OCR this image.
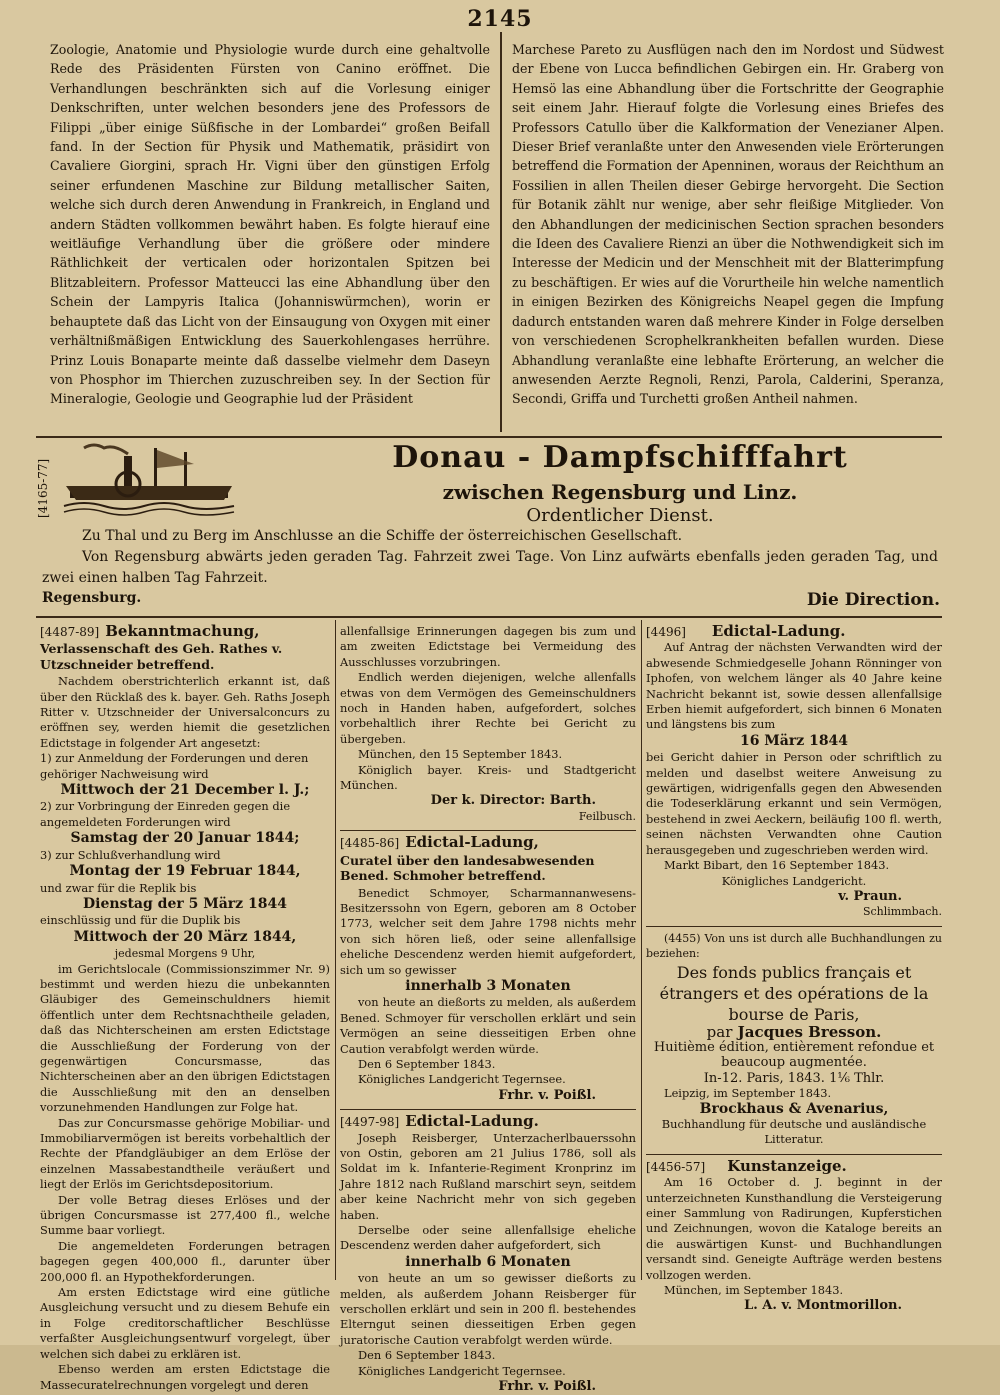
2145

Zoologie, Anatomie und Physiologie wurde durch eine gehaltvolle Rede des Präsidenten Fürsten von Canino eröffnet. Die Verhandlungen beschränkten sich auf die Vorlesung einiger Denkschriften, unter welchen besonders jene des Professors de Filippi „über einige Süßfische in der Lombardei“ großen Beifall fand. In der Section für Physik und Mathematik, präsidirt von Cavaliere Giorgini, sprach Hr. Vigni über den günstigen Erfolg seiner erfundenen Maschine zur Bildung metallischer Saiten, welche sich durch deren Anwendung in Frankreich, in England und andern Städten vollkommen bewährt haben. Es folgte hierauf eine weitläufige Verhandlung über die größere oder mindere Räthlichkeit der verticalen oder horizontalen Spitzen bei Blitzableitern. Professor Matteucci las eine Abhandlung über den Schein der Lampyris Italica (Johanniswürmchen), worin er behauptete daß das Licht von der Einsaugung von Oxygen mit einer verhältnißmäßigen Entwicklung des Sauerkohlengases herrühre. Prinz Louis Bonaparte meinte daß dasselbe vielmehr dem Daseyn von Phosphor im Thierchen zuzuschreiben sey. In der Section für Mineralogie, Geologie und Geographie lud der Präsident

Marchese Pareto zu Ausflügen nach den im Nordost und Südwest der Ebene von Lucca befindlichen Gebirgen ein. Hr. Graberg von Hemsö las eine Abhandlung über die Fortschritte der Geographie seit einem Jahr. Hierauf folgte die Vorlesung eines Briefes des Professors Catullo über die Kalkformation der Venezianer Alpen. Dieser Brief veranlaßte unter den Anwesenden viele Erörterungen betreffend die Formation der Apenninen, woraus der Reichthum an Fossilien in allen Theilen dieser Gebirge hervorgeht. Die Section für Botanik zählt nur wenige, aber sehr fleißige Mitglieder. Von den Abhandlungen der medicinischen Section sprachen besonders die Ideen des Cavaliere Rienzi an über die Nothwendigkeit sich im Interesse der Medicin und der Menschheit mit der Blatterimpfung zu beschäftigen. Er wies auf die Vorurtheile hin welche namentlich in einigen Bezirken des Königreichs Neapel gegen die Impfung dadurch entstanden waren daß mehrere Kinder in Folge derselben von verschiedenen Scrophelkrankheiten befallen wurden. Diese Abhandlung veranlaßte eine lebhafte Erörterung, an welcher die anwesenden Aerzte Regnoli, Renzi, Parola, Calderini, Speranza, Secondi, Griffa und Turchetti großen Antheil nahmen.

[4165-77]
Donau - Dampfschifffahrt
zwischen Regensburg und Linz.
Ordentlicher Dienst.

Zu Thal und zu Berg im Anschlusse an die Schiffe der österreichischen Gesellschaft.

Von Regensburg abwärts jeden geraden Tag. Fahrzeit zwei Tage. Von Linz aufwärts ebenfalls jeden geraden Tag, und zwei einen halben Tag Fahrzeit.

Regensburg.	Die Direction.
[4487-89] Bekanntmachung,
Verlassenschaft des Geh. Rathes v. Utzschneider betreffend.
Nachdem oberstrichterlich erkannt ist, daß über den Rücklaß des k. bayer. Geh. Raths Joseph Ritter v. Utzschneider der Universalconcurs zu eröffnen sey, werden hiemit die gesetzlichen Edictstage in folgender Art angesetzt:
1) zur Anmeldung der Forderungen und deren gehöriger Nachweisung wird
Mittwoch der 21 December l. J.;
2) zur Vorbringung der Einreden gegen die angemeldeten Forderungen wird
Samstag der 20 Januar 1844;
3) zur Schlußverhandlung wird
Montag der 19 Februar 1844,
und zwar für die Replik bis
Dienstag der 5 März 1844
einschlüssig und für die Duplik bis
Mittwoch der 20 März 1844,
jedesmal Morgens 9 Uhr,
im Gerichtslocale (Commissionszimmer Nr. 9) bestimmt und werden hiezu die unbekannten Gläubiger des Gemeinschuldners hiemit öffentlich unter dem Rechtsnachtheile geladen, daß das Nichterscheinen am ersten Edictstage die Ausschließung der Forderung von der gegenwärtigen Concursmasse, das Nichterscheinen aber an den übrigen Edictstagen die Ausschließung mit den an denselben vorzunehmenden Handlungen zur Folge hat.
Das zur Concursmasse gehörige Mobiliar- und Immobiliarvermögen ist bereits vorbehaltlich der Rechte der Pfandgläubiger an dem Erlöse der einzelnen Massabestandtheile veräußert und liegt der Erlös im Gerichtsdepositorium.
Der volle Betrag dieses Erlöses und der übrigen Concursmasse ist 277,400 fl., welche Summe baar vorliegt.
Die angemeldeten Forderungen betragen bagegen gegen 400,000 fl., darunter über 200,000 fl. an Hypothekforderungen.
Am ersten Edictstage wird eine gütliche Ausgleichung versucht und zu diesem Behufe ein in Folge creditorschaftlicher Beschlüsse verfaßter Ausgleichungsentwurf vorgelegt, über welchen sich dabei zu erklären ist.
Ebenso werden am ersten Edictstage die Massecuratelrechnungen vorgelegt und deren
allenfallsige Erinnerungen dagegen bis zum und am zweiten Edictstage bei Vermeidung des Ausschlusses vorzubringen.
Endlich werden diejenigen, welche allenfalls etwas von dem Vermögen des Gemeinschuldners noch in Handen haben, aufgefordert, solches vorbehaltlich ihrer Rechte bei Gericht zu übergeben.
München, den 15 September 1843.
Königlich bayer. Kreis- und Stadtgericht München.
Der k. Director: Barth.
Feilbusch.
[4485-86] Edictal-Ladung,
Curatel über den landesabwesenden Bened. Schmoher betreffend.
Benedict Schmoyer, Scharmannanwesens-Besitzerssohn von Egern, geboren am 8 October 1773, welcher seit dem Jahre 1798 nichts mehr von sich hören ließ, oder seine allenfallsige eheliche Descendenz werden hiemit aufgefordert, sich um so gewisser
innerhalb 3 Monaten
von heute an dießorts zu melden, als außerdem Bened. Schmoyer für verschollen erklärt und sein Vermögen an seine diesseitigen Erben ohne Caution verabfolgt werden würde.
Den 6 September 1843.
Königliches Landgericht Tegernsee.
Frhr. v. Poißl.
[4497-98] Edictal-Ladung.
Joseph Reisberger, Unterzacherlbauerssohn von Ostin, geboren am 21 Julius 1786, soll als Soldat im k. Infanterie-Regiment Kronprinz im Jahre 1812 nach Rußland marschirt seyn, seitdem aber keine Nachricht mehr von sich gegeben haben.
Derselbe oder seine allenfallsige eheliche Descendenz werden daher aufgefordert, sich
innerhalb 6 Monaten
von heute an um so gewisser dießorts zu melden, als außerdem Johann Reisberger für verschollen erklärt und sein in 200 fl. bestehendes Elterngut seinen diesseitigen Erben gegen juratorische Caution verabfolgt werden würde.
Den 6 September 1843.
Königliches Landgericht Tegernsee.
Frhr. v. Poißl.
[4496] Edictal-Ladung.
Auf Antrag der nächsten Verwandten wird der abwesende Schmiedgeselle Johann Rönninger von Iphofen, von welchem länger als 40 Jahre keine Nachricht bekannt ist, sowie dessen allenfallsige Erben hiemit aufgefordert, sich binnen 6 Monaten und längstens bis zum
16 März 1844
bei Gericht dahier in Person oder schriftlich zu melden und daselbst weitere Anweisung zu gewärtigen, widrigenfalls gegen den Abwesenden die Todeserklärung erkannt und sein Vermögen, bestehend in zwei Aeckern, beiläufig 100 fl. werth, seinen nächsten Verwandten ohne Caution herausgegeben und zugeschrieben werden wird.
Markt Bibart, den 16 September 1843.
Königliches Landgericht.
v. Praun.
Schlimmbach.
(4455) Von uns ist durch alle Buchhandlungen zu beziehen:
Des fonds publics français et étrangers et des opérations de la bourse de Paris,
par Jacques Bresson.
Huitième édition, entièrement refondue et beaucoup augmentée.
In-12. Paris, 1843. 1⅙ Thlr.
Leipzig, im September 1843.
Brockhaus & Avenarius,
Buchhandlung für deutsche und ausländische Litteratur.
[4456-57] Kunstanzeige.
Am 16 October d. J. beginnt in der unterzeichneten Kunsthandlung die Versteigerung einer Sammlung von Radirungen, Kupferstichen und Zeichnungen, wovon die Kataloge bereits an die auswärtigen Kunst- und Buchhandlungen versandt sind. Geneigte Aufträge werden bestens vollzogen werden.
München, im September 1843.
L. A. v. Montmorillon.
